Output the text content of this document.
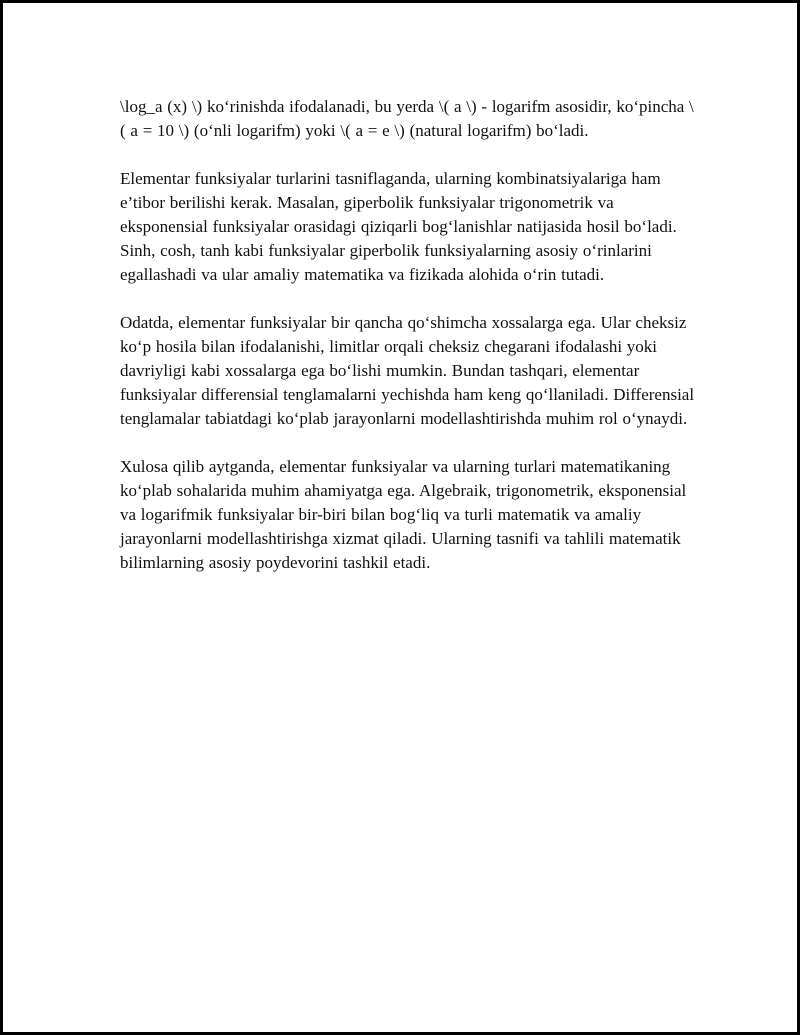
\log_a (x) \) ko‘rinishda ifodalanadi, bu yerda \( a \) - logarifm asosidir, ko‘pincha \( a = 10 \) (o‘nli logarifm) yoki \( a = e \) (natural logarifm) bo‘ladi.

Elementar funksiyalar turlarini tasniflaganda, ularning kombinatsiyalariga ham e’tibor berilishi kerak. Masalan, giperbolik funksiyalar trigonometrik va eksponensial funksiyalar orasidagi qiziqarli bog‘lanishlar natijasida hosil bo‘ladi. Sinh, cosh, tanh kabi funksiyalar giperbolik funksiyalarning asosiy o‘rinlarini egallashadi va ular amaliy matematika va fizikada alohida o‘rin tutadi.

Odatda, elementar funksiyalar bir qancha qo‘shimcha xossalarga ega. Ular cheksiz ko‘p hosila bilan ifodalanishi, limitlar orqali cheksiz chegarani ifodalashi yoki davriyligi kabi xossalarga ega bo‘lishi mumkin. Bundan tashqari, elementar funksiyalar differensial tenglamalarni yechishda ham keng qo‘llaniladi. Differensial tenglamalar tabiatdagi ko‘plab jarayonlarni modellashtirishda muhim rol o‘ynaydi.

Xulosa qilib aytganda, elementar funksiyalar va ularning turlari matematikaning ko‘plab sohalarida muhim ahamiyatga ega. Algebraik, trigonometrik, eksponensial va logarifmik funksiyalar bir-biri bilan bog‘liq va turli matematik va amaliy jarayonlarni modellashtirishga xizmat qiladi. Ularning tasnifi va tahlili matematik bilimlarning asosiy poydevorini tashkil etadi.
